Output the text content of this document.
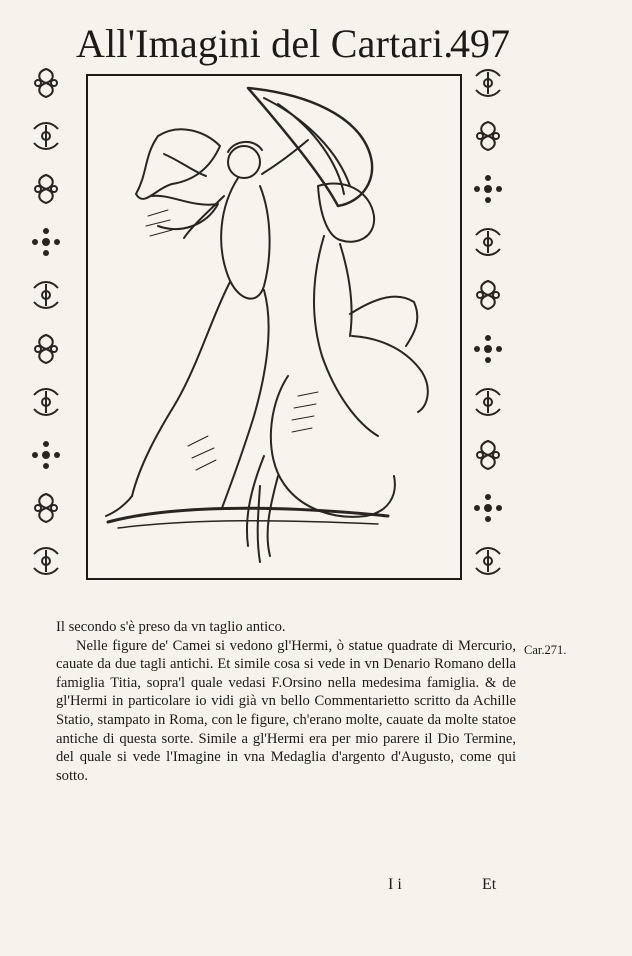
All'Imagini del Cartari.
497

Il secondo s'è preso da vn taglio antico.

Nelle figure de' Camei si vedono gl'Hermi, ò statue quadrate di Mercurio, cauate da due tagli antichi. Et simile cosa si vede in vn Denario Romano della famiglia Titia, sopra'l quale vedasi F.Orsino nella medesima famiglia. & de gl'Hermi in particolare io vidi già vn bello Commentarietto scritto da Achille Statio, stampato in Roma, con le figure, ch'erano molte, cauate da molte statoe antiche di questa sorte. Simile a gl'Hermi era per mio parere il Dio Termine, del quale si vede l'Imagine in vna Medaglia d'argento d'Augusto, come qui sotto.

Car.271.
I i	Et
